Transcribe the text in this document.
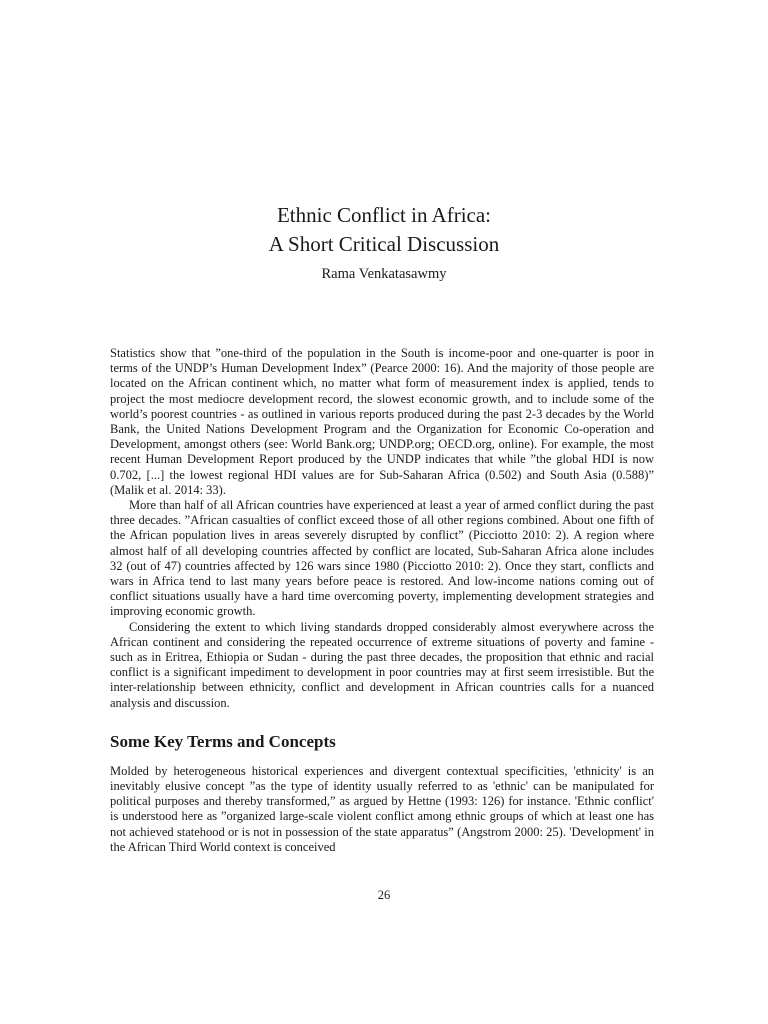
Ethnic Conflict in Africa:
A Short Critical Discussion
Rama Venkatasawmy

Statistics show that ”one-third of the population in the South is income-poor and one-quarter is poor in terms of the UNDP’s Human Development Index” (Pearce 2000: 16). And the majority of those people are located on the African continent which, no matter what form of measurement index is applied, tends to project the most mediocre development record, the slowest economic growth, and to include some of the world’s poorest countries - as outlined in various reports produced during the past 2-3 decades by the World Bank, the United Nations Development Program and the Organization for Economic Co-operation and Development, amongst others (see: World Bank.org; UNDP.org; OECD.org, online). For example, the most recent Human Development Report produced by the UNDP indicates that while ”the global HDI is now 0.702, [...] the lowest regional HDI values are for Sub-Saharan Africa (0.502) and South Asia (0.588)” (Malik et al. 2014: 33).

More than half of all African countries have experienced at least a year of armed conflict during the past three decades. ”African casualties of conflict exceed those of all other regions combined. About one fifth of the African population lives in areas severely disrupted by conflict” (Picciotto 2010: 2). A region where almost half of all developing countries affected by conflict are located, Sub-Saharan Africa alone includes 32 (out of 47) countries affected by 126 wars since 1980 (Picciotto 2010: 2). Once they start, conflicts and wars in Africa tend to last many years before peace is restored. And low-income nations coming out of conflict situations usually have a hard time overcoming poverty, implementing development strategies and improving economic growth.

Considering the extent to which living standards dropped considerably almost everywhere across the African continent and considering the repeated occurrence of extreme situations of poverty and famine - such as in Eritrea, Ethiopia or Sudan - during the past three decades, the proposition that ethnic and racial conflict is a significant impediment to development in poor countries may at first seem irresistible. But the inter-relationship between ethnicity, conflict and development in African countries calls for a nuanced analysis and discussion.

Some Key Terms and Concepts

Molded by heterogeneous historical experiences and divergent contextual specificities, 'ethnicity' is an inevitably elusive concept ”as the type of identity usually referred to as 'ethnic' can be manipulated for political purposes and thereby transformed,” as argued by Hettne (1993: 126) for instance. 'Ethnic conflict' is understood here as ”organized large-scale violent conflict among ethnic groups of which at least one has not achieved statehood or is not in possession of the state apparatus” (Angstrom 2000: 25). 'Development' in the African Third World context is conceived

26
